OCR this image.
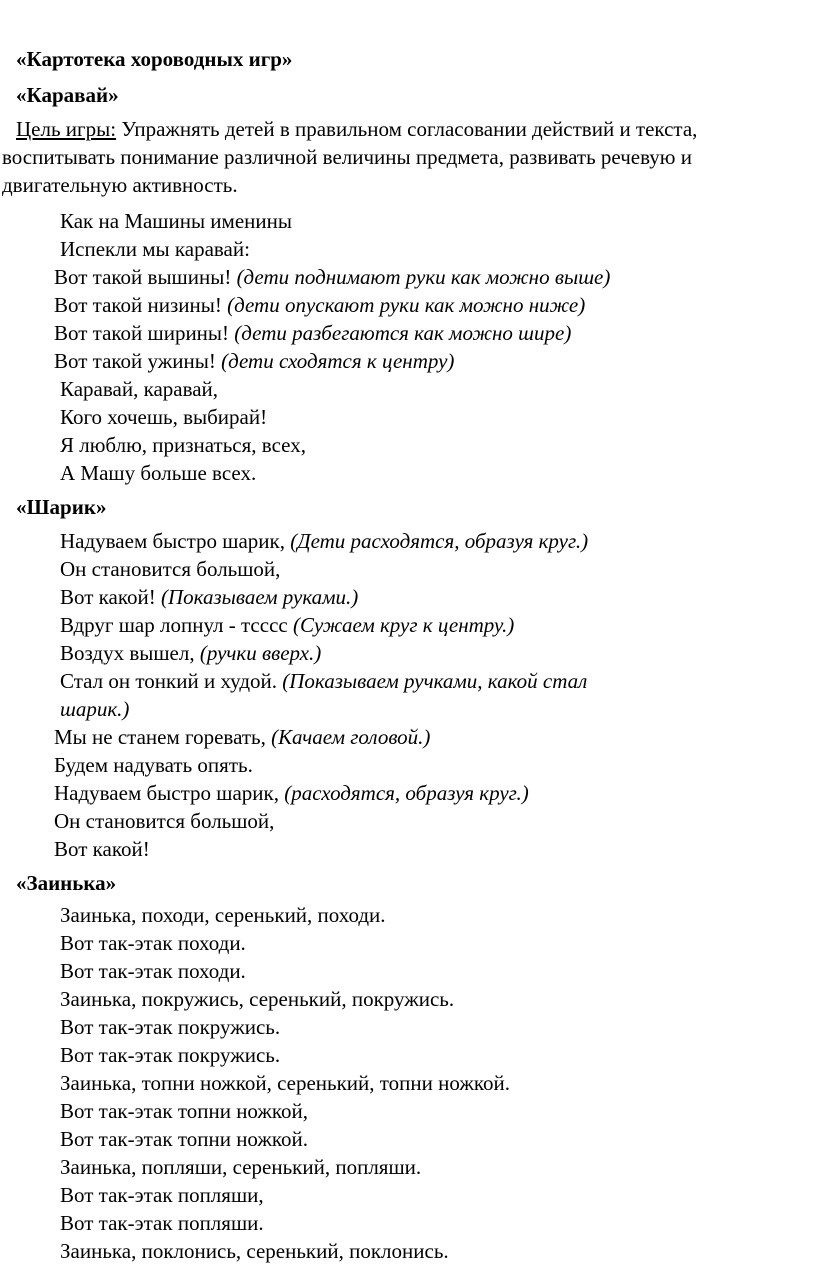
«Картотека хороводных игр»
«Каравай»
Цель игры: Упражнять детей в правильном согласовании действий и текста,
воспитывать понимание различной величины предмета, развивать речевую и
двигательную активность.
Как на Машины именины
Испекли мы каравай:
Вот такой вышины! (дети поднимают руки как можно выше)
Вот такой низины! (дети опускают руки как можно ниже)
Вот такой ширины! (дети разбегаются как можно шире)
Вот такой ужины! (дети сходятся к центру)
Каравай, каравай,
Кого хочешь, выбирай!
Я люблю, признаться, всех,
А Машу больше всех.
«Шарик»
Надуваем быстро шарик, (Дети расходятся, образуя круг.)
Он становится большой,
Вот какой! (Показываем руками.)
Вдруг шар лопнул - тсссс (Сужаем круг к центру.)
Воздух вышел, (ручки вверх.)
Стал он тонкий и худой. (Показываем ручками, какой стал
шарик.)
Мы не станем горевать, (Качаем головой.)
Будем надувать опять.
Надуваем быстро шарик, (расходятся, образуя круг.)
Он становится большой,
Вот какой!
«Заинька»
Заинька, походи, серенький, походи.
Вот так-этак походи.
Вот так-этак походи.
Заинька, покружись, серенький, покружись.
Вот так-этак покружись.
Вот так-этак покружись.
Заинька, топни ножкой, серенький, топни ножкой.
Вот так-этак топни ножкой,
Вот так-этак топни ножкой.
Заинька, попляши, серенький, попляши.
Вот так-этак попляши,
Вот так-этак попляши.
Заинька, поклонись, серенький, поклонись.
